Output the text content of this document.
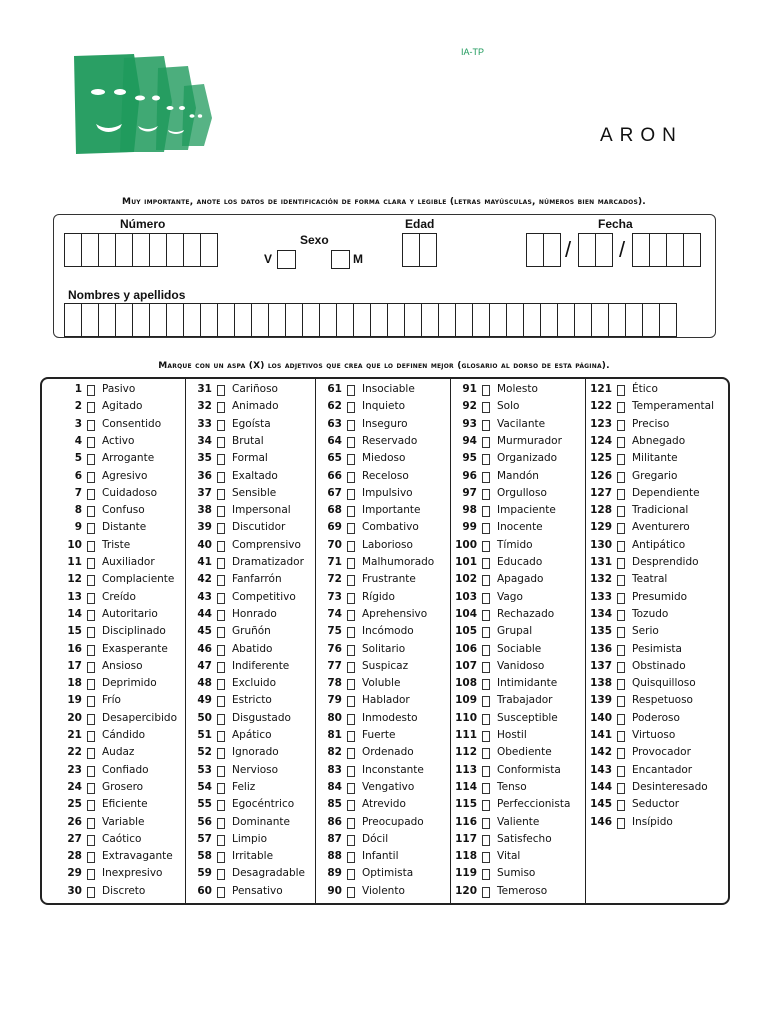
IA-TP
ARON
Muy importante, anote los datos de identificación de forma clara y legible (letras mayúsculas, números bien marcados).
Número
Sexo
V	M
Edad	Fecha
/ /
Nombres y apellidos
Marque con un aspa (X) los adjetivos que crea que lo definen mejor (glosario al dorso de esta página).
1 Pasivo
2 Agitado
3 Consentido
4 Activo
5 Arrogante
6 Agresivo
7 Cuidadoso
8 Confuso
9 Distante
10 Triste
11 Auxiliador
12 Complaciente
13 Creído
14 Autoritario
15 Disciplinado
16 Exasperante
17 Ansioso
18 Deprimido
19 Frío
20 Desapercibido
21 Cándido
22 Audaz
23 Confiado
24 Grosero
25 Eficiente
26 Variable
27 Caótico
28 Extravagante
29 Inexpresivo
30 Discreto
31 Cariñoso
32 Animado
33 Egoísta
34 Brutal
35 Formal
36 Exaltado
37 Sensible
38 Impersonal
39 Discutidor
40 Comprensivo
41 Dramatizador
42 Fanfarrón
43 Competitivo
44 Honrado
45 Gruñón
46 Abatido
47 Indiferente
48 Excluido
49 Estricto
50 Disgustado
51 Apático
52 Ignorado
53 Nervioso
54 Feliz
55 Egocéntrico
56 Dominante
57 Limpio
58 Irritable
59 Desagradable
60 Pensativo
61 Insociable
62 Inquieto
63 Inseguro
64 Reservado
65 Miedoso
66 Receloso
67 Impulsivo
68 Importante
69 Combativo
70 Laborioso
71 Malhumorado
72 Frustrante
73 Rígido
74 Aprehensivo
75 Incómodo
76 Solitario
77 Suspicaz
78 Voluble
79 Hablador
80 Inmodesto
81 Fuerte
82 Ordenado
83 Inconstante
84 Vengativo
85 Atrevido
86 Preocupado
87 Dócil
88 Infantil
89 Optimista
90 Violento
91 Molesto
92 Solo
93 Vacilante
94 Murmurador
95 Organizado
96 Mandón
97 Orgulloso
98 Impaciente
99 Inocente
100 Tímido
101 Educado
102 Apagado
103 Vago
104 Rechazado
105 Grupal
106 Sociable
107 Vanidoso
108 Intimidante
109 Trabajador
110 Susceptible
111 Hostil
112 Obediente
113 Conformista
114 Tenso
115 Perfeccionista
116 Valiente
117 Satisfecho
118 Vital
119 Sumiso
120 Temeroso
121 Ético
122 Temperamental
123 Preciso
124 Abnegado
125 Militante
126 Gregario
127 Dependiente
128 Tradicional
129 Aventurero
130 Antipático
131 Desprendido
132 Teatral
133 Presumido
134 Tozudo
135 Serio
136 Pesimista
137 Obstinado
138 Quisquilloso
139 Respetuoso
140 Poderoso
141 Virtuoso
142 Provocador
143 Encantador
144 Desinteresado
145 Seductor
146 Insípido
